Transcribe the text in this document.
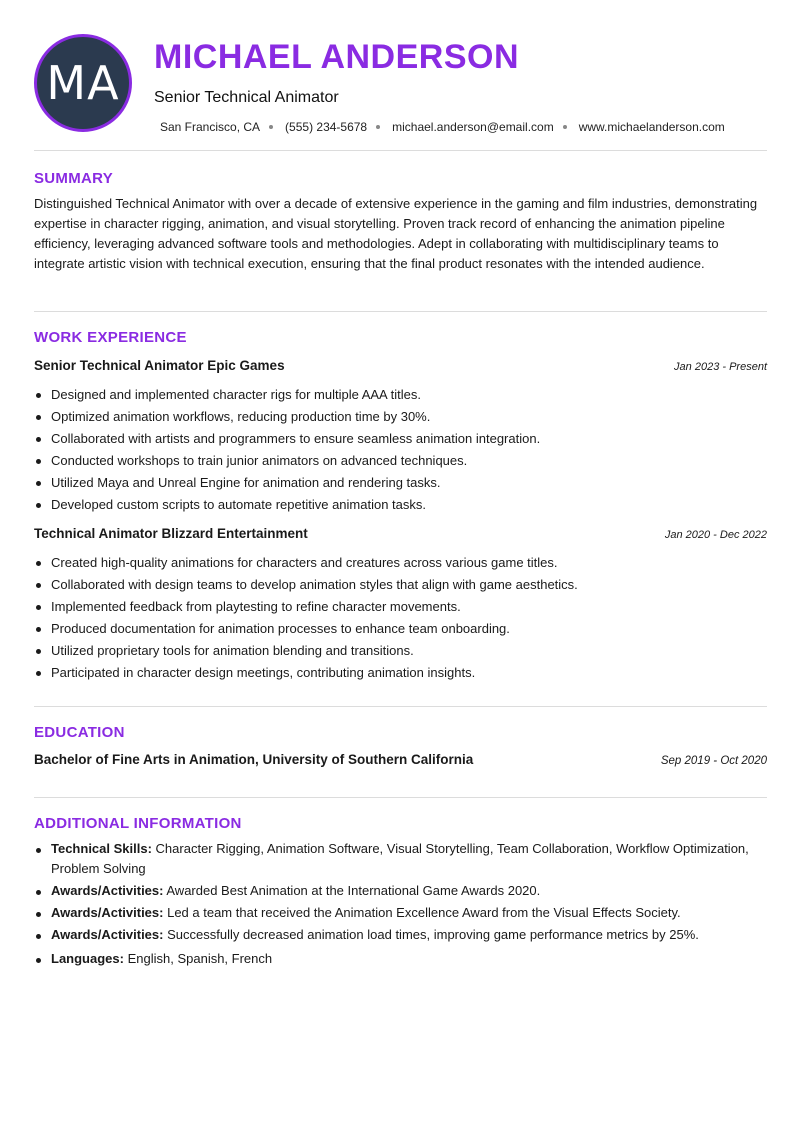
MA MICHAEL ANDERSON
Senior Technical Animator
San Francisco, CA (555) 234-5678 michael.anderson@email.com www.michaelanderson.com
SUMMARY

Distinguished Technical Animator with over a decade of extensive experience in the gaming and film industries, demonstrating expertise in character rigging, animation, and visual storytelling. Proven track record of enhancing the animation pipeline efficiency, leveraging advanced software tools and methodologies. Adept in collaborating with multidisciplinary teams to integrate artistic vision with technical execution, ensuring that the final product resonates with the intended audience.

WORK EXPERIENCE
Senior Technical Animator Epic Games	Jan 2023 - Present
Designed and implemented character rigs for multiple AAA titles.
Optimized animation workflows, reducing production time by 30%.
Collaborated with artists and programmers to ensure seamless animation integration.
Conducted workshops to train junior animators on advanced techniques.
Utilized Maya and Unreal Engine for animation and rendering tasks.
Developed custom scripts to automate repetitive animation tasks.
Technical Animator Blizzard Entertainment	Jan 2020 - Dec 2022
Created high-quality animations for characters and creatures across various game titles.
Collaborated with design teams to develop animation styles that align with game aesthetics.
Implemented feedback from playtesting to refine character movements.
Produced documentation for animation processes to enhance team onboarding.
Utilized proprietary tools for animation blending and transitions.
Participated in character design meetings, contributing animation insights.
EDUCATION
Bachelor of Fine Arts in Animation, University of Southern California	Sep 2019 - Oct 2020
ADDITIONAL INFORMATION
Technical Skills: Character Rigging, Animation Software, Visual Storytelling, Team Collaboration, Workflow Optimization, Problem Solving
Awards/Activities: Awarded Best Animation at the International Game Awards 2020.
Awards/Activities: Led a team that received the Animation Excellence Award from the Visual Effects Society.
Awards/Activities: Successfully decreased animation load times, improving game performance metrics by 25%.
Languages: English, Spanish, French
